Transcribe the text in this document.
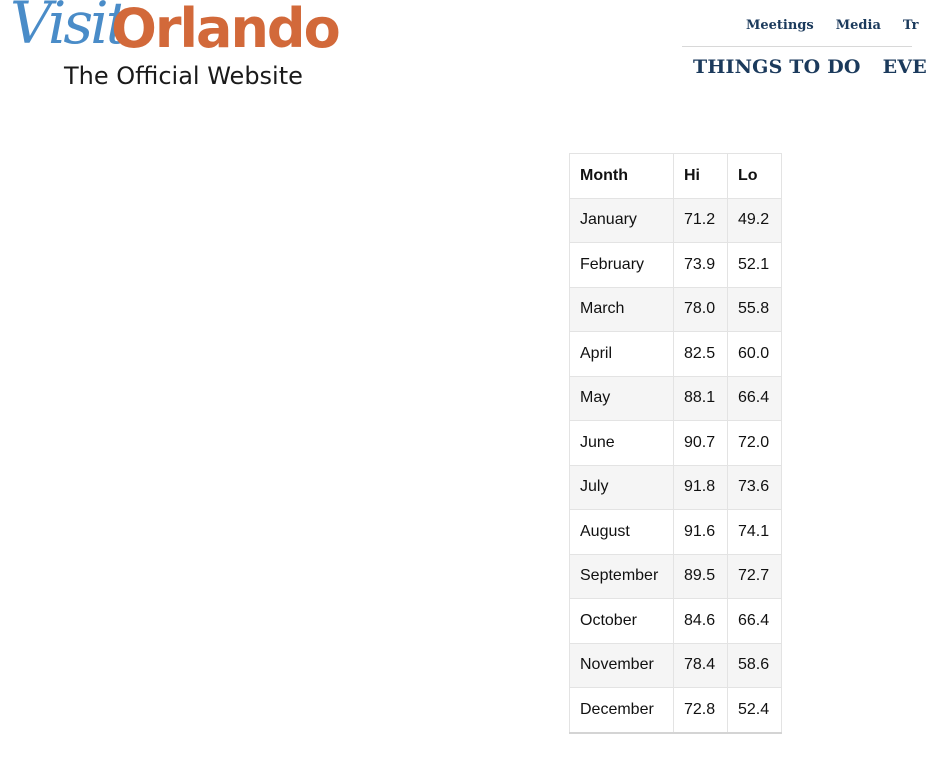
Visit
Orlando
The Official Website
Meetings Media Tr
THINGS TO DO EVE
Month	Hi	Lo
January	71.2	49.2
February	73.9	52.1
March	78.0	55.8
April	82.5	60.0
May	88.1	66.4
June	90.7	72.0
July	91.8	73.6
August	91.6	74.1
September	89.5	72.7
October	84.6	66.4
November	78.4	58.6
December	72.8	52.4
